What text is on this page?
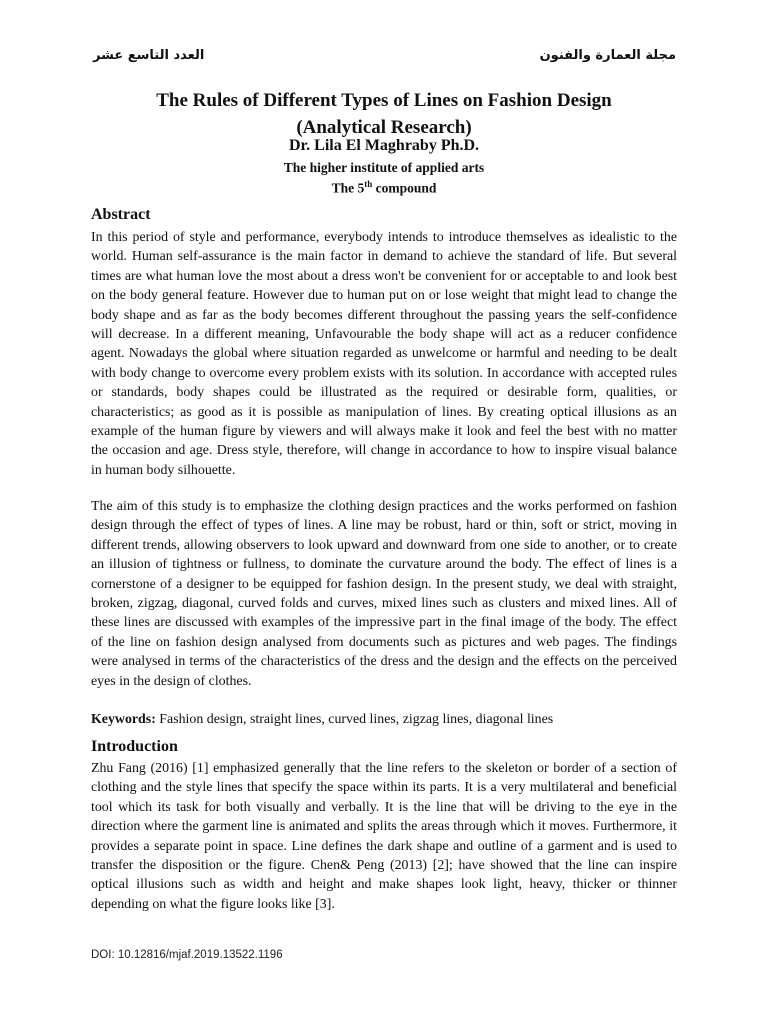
مجلة العمارة والفنون
العدد التاسع عشر
The Rules of Different Types of Lines on Fashion Design
(Analytical Research)
Dr. Lila El Maghraby Ph.D.
The higher institute of applied arts
The 5th compound
Abstract

In this period of style and performance, everybody intends to introduce themselves as idealistic to the world. Human self-assurance is the main factor in demand to achieve the standard of life. But several times are what human love the most about a dress won't be convenient for or acceptable to and look best on the body general feature. However due to human put on or lose weight that might lead to change the body shape and as far as the body becomes different throughout the passing years the self-confidence will decrease. In a different meaning, Unfavourable the body shape will act as a reducer confidence agent. Nowadays the global where situation regarded as unwelcome or harmful and needing to be dealt with body change to overcome every problem exists with its solution. In accordance with accepted rules or standards, body shapes could be illustrated as the required or desirable form, qualities, or characteristics; as good as it is possible as manipulation of lines. By creating optical illusions as an example of the human figure by viewers and will always make it look and feel the best with no matter the occasion and age. Dress style, therefore, will change in accordance to how to inspire visual balance in human body silhouette.

The aim of this study is to emphasize the clothing design practices and the works performed on fashion design through the effect of types of lines. A line may be robust, hard or thin, soft or strict, moving in different trends, allowing observers to look upward and downward from one side to another, or to create an illusion of tightness or fullness, to dominate the curvature around the body. The effect of lines is a cornerstone of a designer to be equipped for fashion design. In the present study, we deal with straight, broken, zigzag, diagonal, curved folds and curves, mixed lines such as clusters and mixed lines. All of these lines are discussed with examples of the impressive part in the final image of the body. The effect of the line on fashion design analysed from documents such as pictures and web pages. The findings were analysed in terms of the characteristics of the dress and the design and the effects on the perceived eyes in the design of clothes.

Keywords: Fashion design, straight lines, curved lines, zigzag lines, diagonal lines
Introduction

Zhu Fang (2016) [1] emphasized generally that the line refers to the skeleton or border of a section of clothing and the style lines that specify the space within its parts. It is a very multilateral and beneficial tool which its task for both visually and verbally. It is the line that will be driving to the eye in the direction where the garment line is animated and splits the areas through which it moves. Furthermore, it provides a separate point in space. Line defines the dark shape and outline of a garment and is used to transfer the disposition or the figure. Chen& Peng (2013) [2]; have showed that the line can inspire optical illusions such as width and height and make shapes look light, heavy, thicker or thinner depending on what the figure looks like [3].

DOI: 10.12816/mjaf.2019.13522.1196
